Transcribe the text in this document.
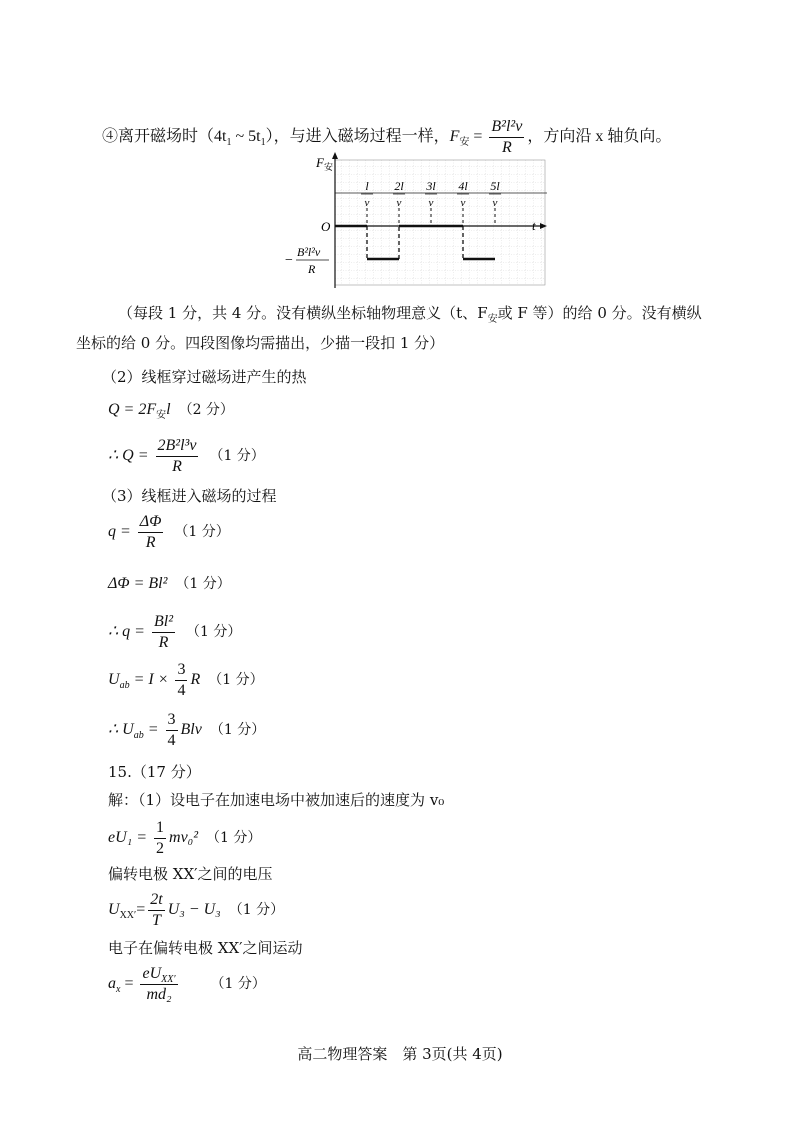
④离开磁场时（$4t_1$ ~ $5t_1$），与进入磁场过程一样，$F_安 = \frac{\text{B²l²v}}{R}$ ，方向沿 x 轴负向。
$F_安$
O	t
−
B²l²v
R
l
v
2l
v
3l
v
4l
v
5l
v
（每段 1 分，共 4 分。没有横纵坐标轴物理意义（t、$F_安$或 F 等）的给 0 分。没有横纵
坐标的给 0 分。四段图像均需描出，少描一段扣 1 分）
（2）线框穿过磁场进产生的热
$Q = 2F_安l$ （2 分）
∴ $Q = \frac{\text{2B²l³v}}{R} (1$ 分）
（3）线框进入磁场的过程
$q = \frac{\Delta\Phi}{R} (1$ 分）
ΔΦ = Bl² （1 分）
∴ $q = \frac{\text{Bl²}}{R} (1$ 分）
$U_{ab} = I \times \frac{3}{4}$ R （1 分）
∴ $U_{ab} = \frac{3}{4}$ Blv （1 分）
15.（17 分）
解：（1）设电子在加速电场中被加速后的速度为 v₀
$eU_1 = \frac{1}{2} mv_0^2$ （1 分）
偏转电极 XX′之间的电压
$U_{XX'}= \frac{2t}{T} U_3 - U_3$ （1 分）
电子在偏转电极 XX′之间运动
$a_x = \frac{eU_{XX'}}{\text{md₂}} (1$ 分）
高二物理答案　第 3页(共 4页)
